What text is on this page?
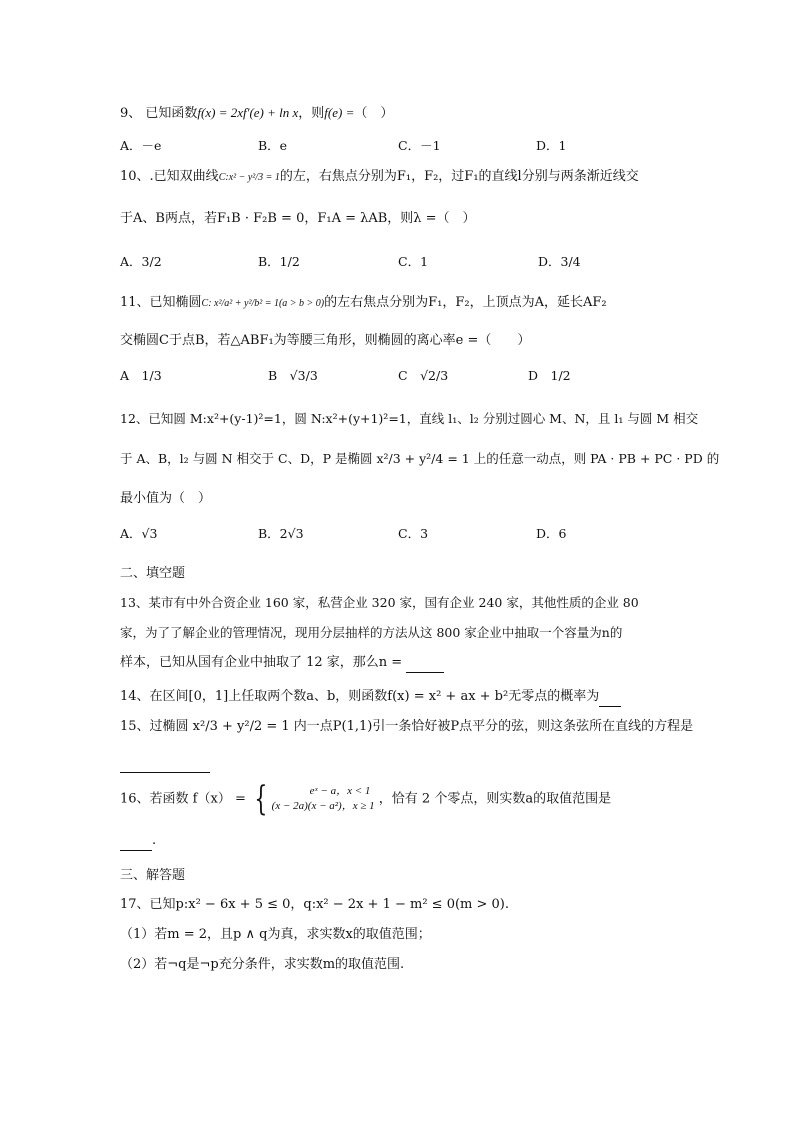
9、 已知函数f(x) = 2xf′(e) + ln x，则f(e) =（　）
A．－e	B．e	C．－1	D．1
10、.已知双曲线C:x² − y²/3 = 1的左，右焦点分别为F₁，F₂，过F₁的直线l分别与两条渐近线交
于A、B两点，若F₁B · F₂B = 0，F₁A = λAB，则λ =（　）
A．3/2	B．1/2	C．1	D．3/4
11、已知椭圆C: x²/a² + y²/b² = 1(a > b > 0)的左右焦点分别为F₁，F₂，上顶点为A，延长AF₂
交椭圆C于点B，若△ABF₁为等腰三角形，则椭圆的离心率e =（　　）
A　1/3	B　√3/3	C　√2/3	D　1/2
12、已知圆 M:x²+(y-1)²=1，圆 N:x²+(y+1)²=1，直线 l₁、l₂ 分别过圆心 M、N，且 l₁ 与圆 M 相交
于 A、B，l₂ 与圆 N 相交于 C、D，P 是椭圆 x²/3 + y²/4 = 1 上的任意一动点，则 PA · PB + PC · PD 的
最小值为（　）
A．√3	B．2√3	C．3	D．6
二、填空题
13、某市有中外合资企业 160 家，私营企业 320 家，国有企业 240 家，其他性质的企业 80
家，为了了解企业的管理情况，现用分层抽样的方法从这 800 家企业中抽取一个容量为n的
样本，已知从国有企业中抽取了 12 家，那么n =
14、在区间[0，1]上任取两个数a、b，则函数f(x) = x² + ax + b²无零点的概率为
15、过椭圆 x²/3 + y²/2 = 1 内一点P(1,1)引一条恰好被P点平分的弦，则这条弦所在直线的方程是
16、若函数 f（x） = {	eˣ − a，x < 1
(x − 2a)(x − a²)，x ≥ 1 ，恰有 2 个零点，则实数a的取值范围是
.
三、解答题
17、已知p:x² − 6x + 5 ≤ 0，q:x² − 2x + 1 − m² ≤ 0(m > 0).
（1）若m = 2，且p ∧ q为真，求实数x的取值范围；
（2）若¬q是¬p充分条件，求实数m的取值范围.
